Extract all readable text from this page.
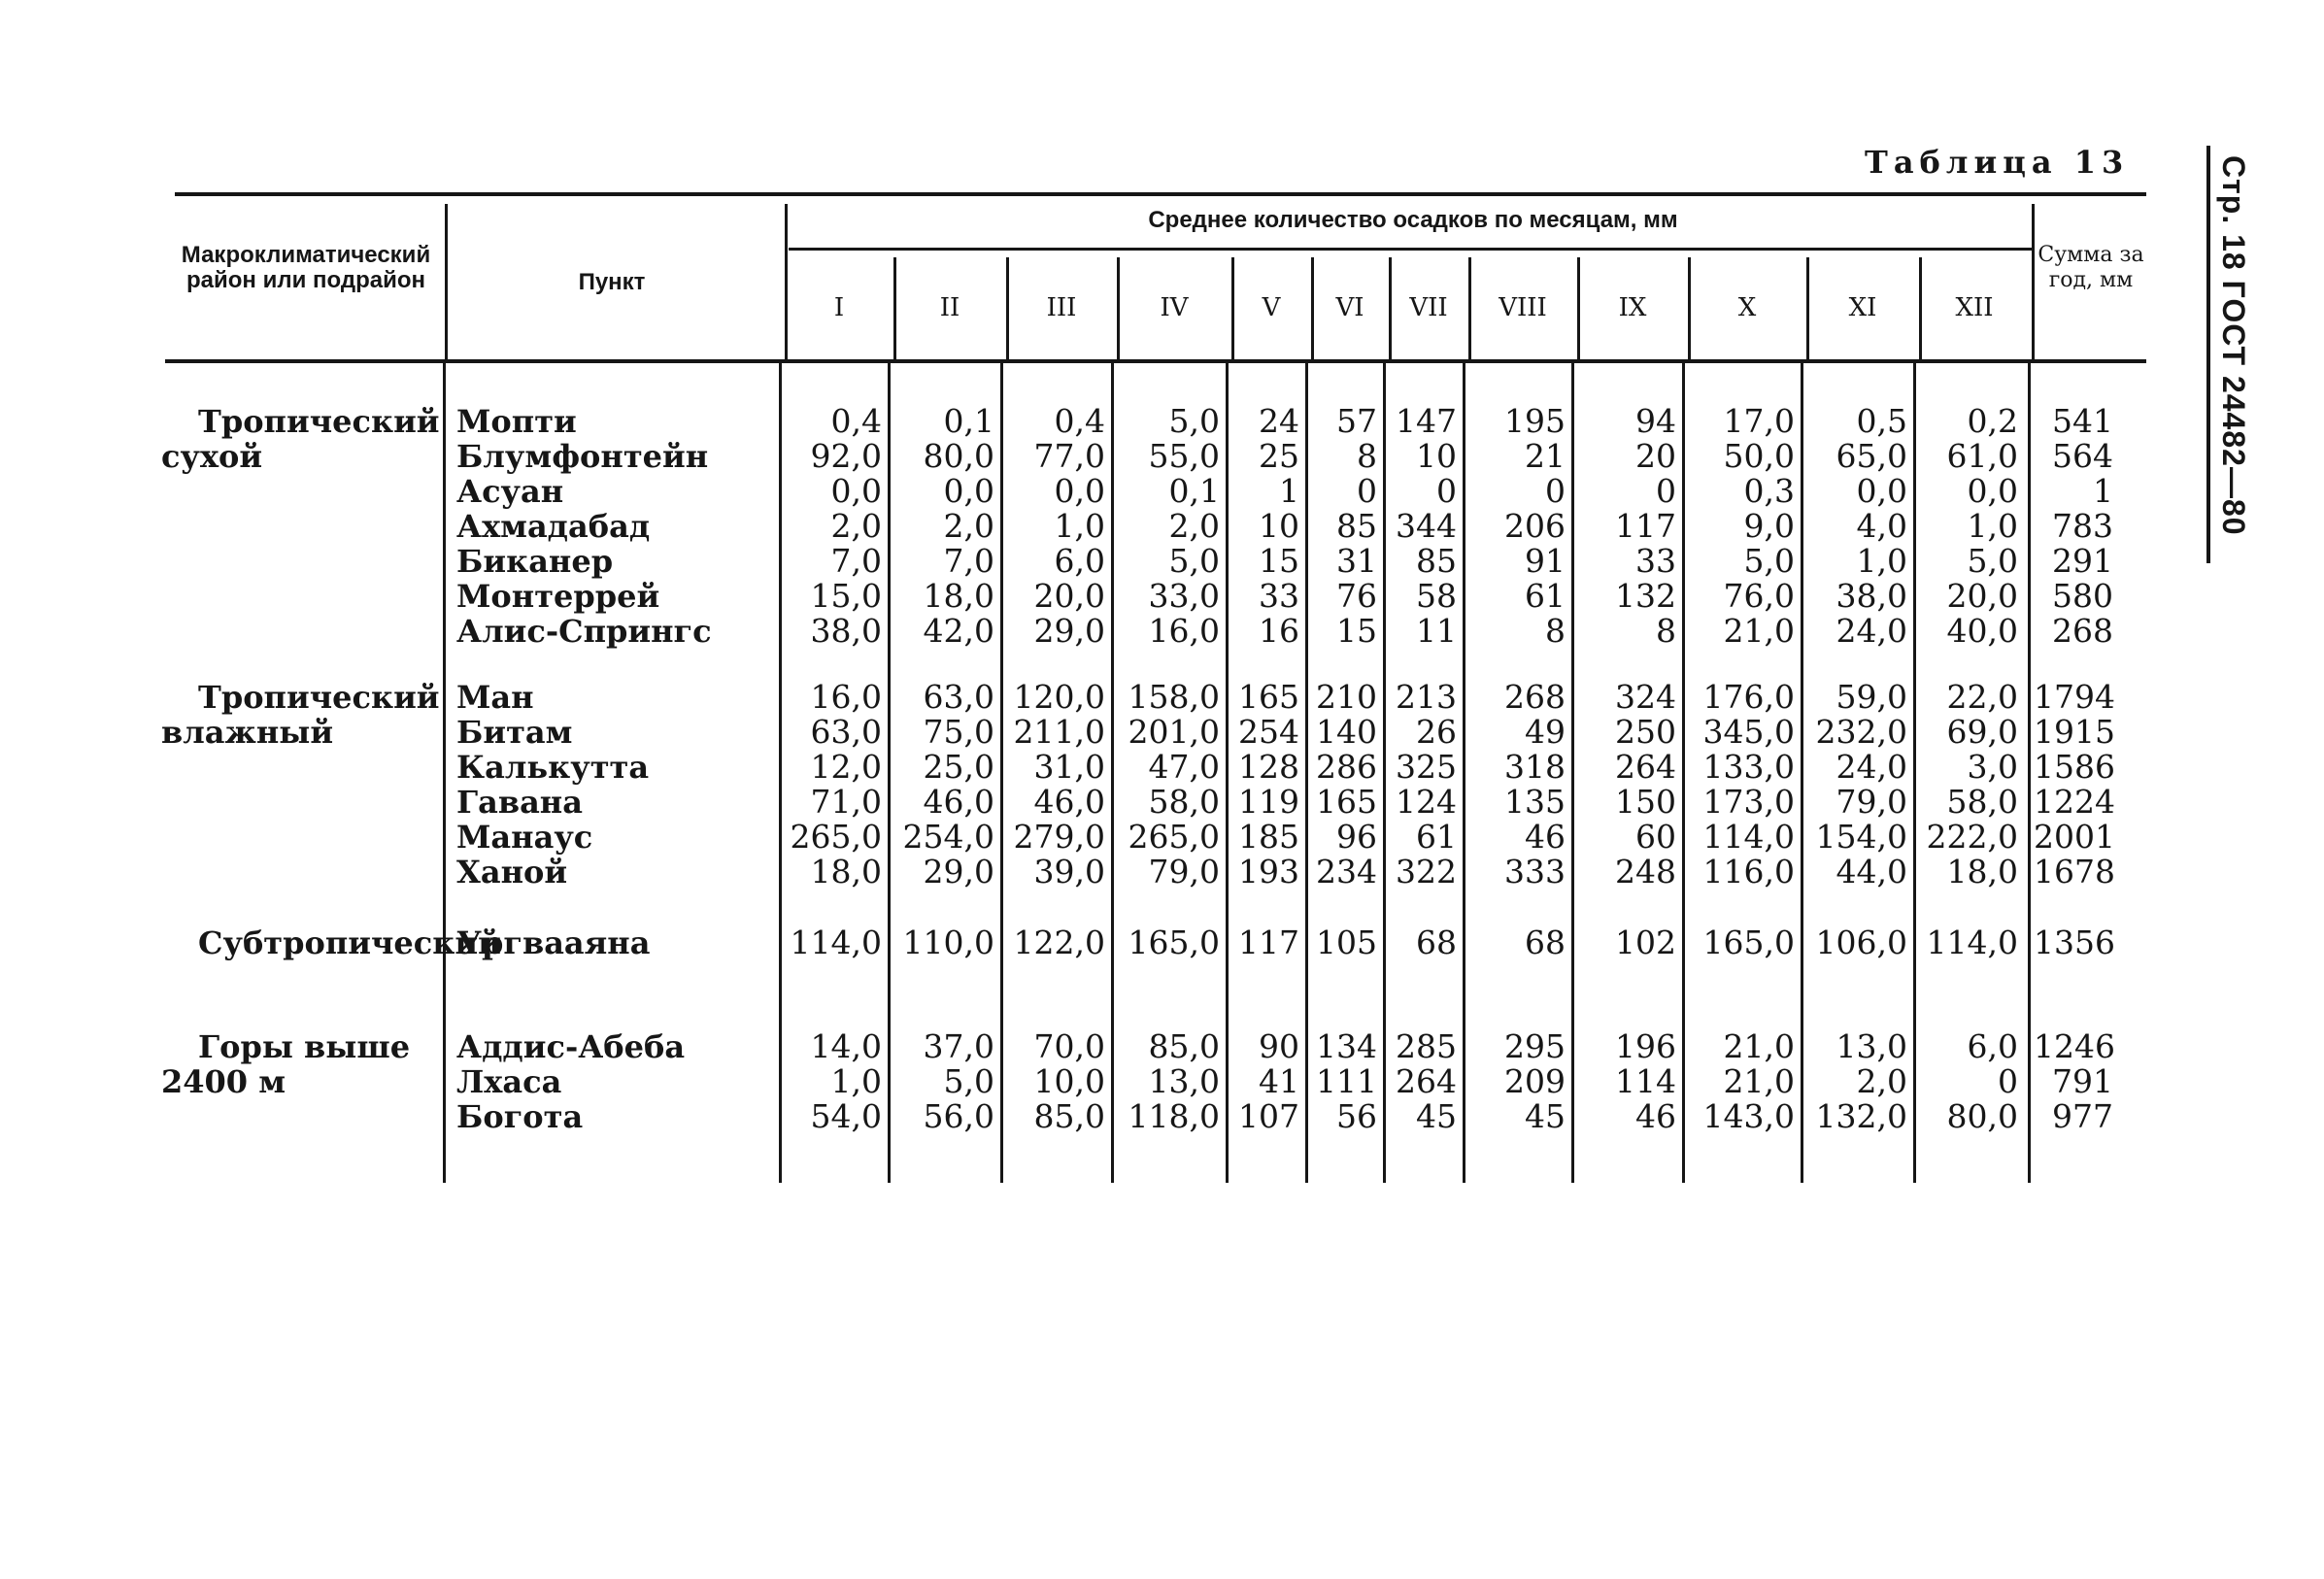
Таблица 13	Стр. 18 ГОСТ 24482—80
Макроклиматический район или подрайон	Пункт
Среднее количество осадков по месяцам, мм
Сумма за год, мм
I	II	III	IV	V	VI	VII	VIII	IX	X	XI	XII
Тропический сухой
Мопти	0,4	0,1	0,4	5,0	24	57 147	195	94	17,0	0,5	0,2	541
Блумфонтейн	92,0	80,0	77,0	55,0	25	8	10	21	20	50,0	65,0	61,0	564
Асуан	0,0	0,0	0,0	0,1	1	0	0	0	0	0,3	0,0	0,0	1
Ахмадабад	2,0	2,0	1,0	2,0	10	85 344	206	117	9,0	4,0	1,0	783
Биканер	7,0	7,0	6,0	5,0	15	31	85	91	33	5,0	1,0	5,0	291
Монтеррей	15,0	18,0	20,0	33,0	33	76	58	61	132	76,0	38,0	20,0	580
Алис-Спрингс	38,0	42,0	29,0	16,0	16	15	11	8	8	21,0	24,0	40,0	268
Тропический влажный
Ман	16,0	63,0 120,0 158,0 165 210 213	268	324 176,0	59,0	22,0 1794
Битам	63,0	75,0 211,0 201,0 254 140	26	49	250 345,0 232,0	69,0 1915
Калькутта	12,0	25,0	31,0	47,0 128 286 325	318	264 133,0	24,0	3,0 1586
Гавана	71,0	46,0	46,0	58,0 119 165 124	135	150 173,0	79,0	58,0 1224
Манаус	265,0 254,0 279,0 265,0 185	96	61	46	60 114,0 154,0 222,0 2001
Ханой	18,0	29,0	39,0	79,0 193 234 322	333	248 116,0	44,0	18,0 1678
Субтропический
Ургвааяна	114,0 110,0 122,0 165,0 117 105	68	68	102 165,0 106,0 114,0 1356
Горы выше 2400 м
Аддис-Абеба	14,0	37,0	70,0	85,0	90 134 285	295	196	21,0	13,0	6,0 1246
Лхаса	1,0	5,0	10,0	13,0	41 111 264	209	114	21,0	2,0	0	791
Богота	54,0	56,0	85,0 118,0 107	56	45	45	46 143,0 132,0	80,0	977
